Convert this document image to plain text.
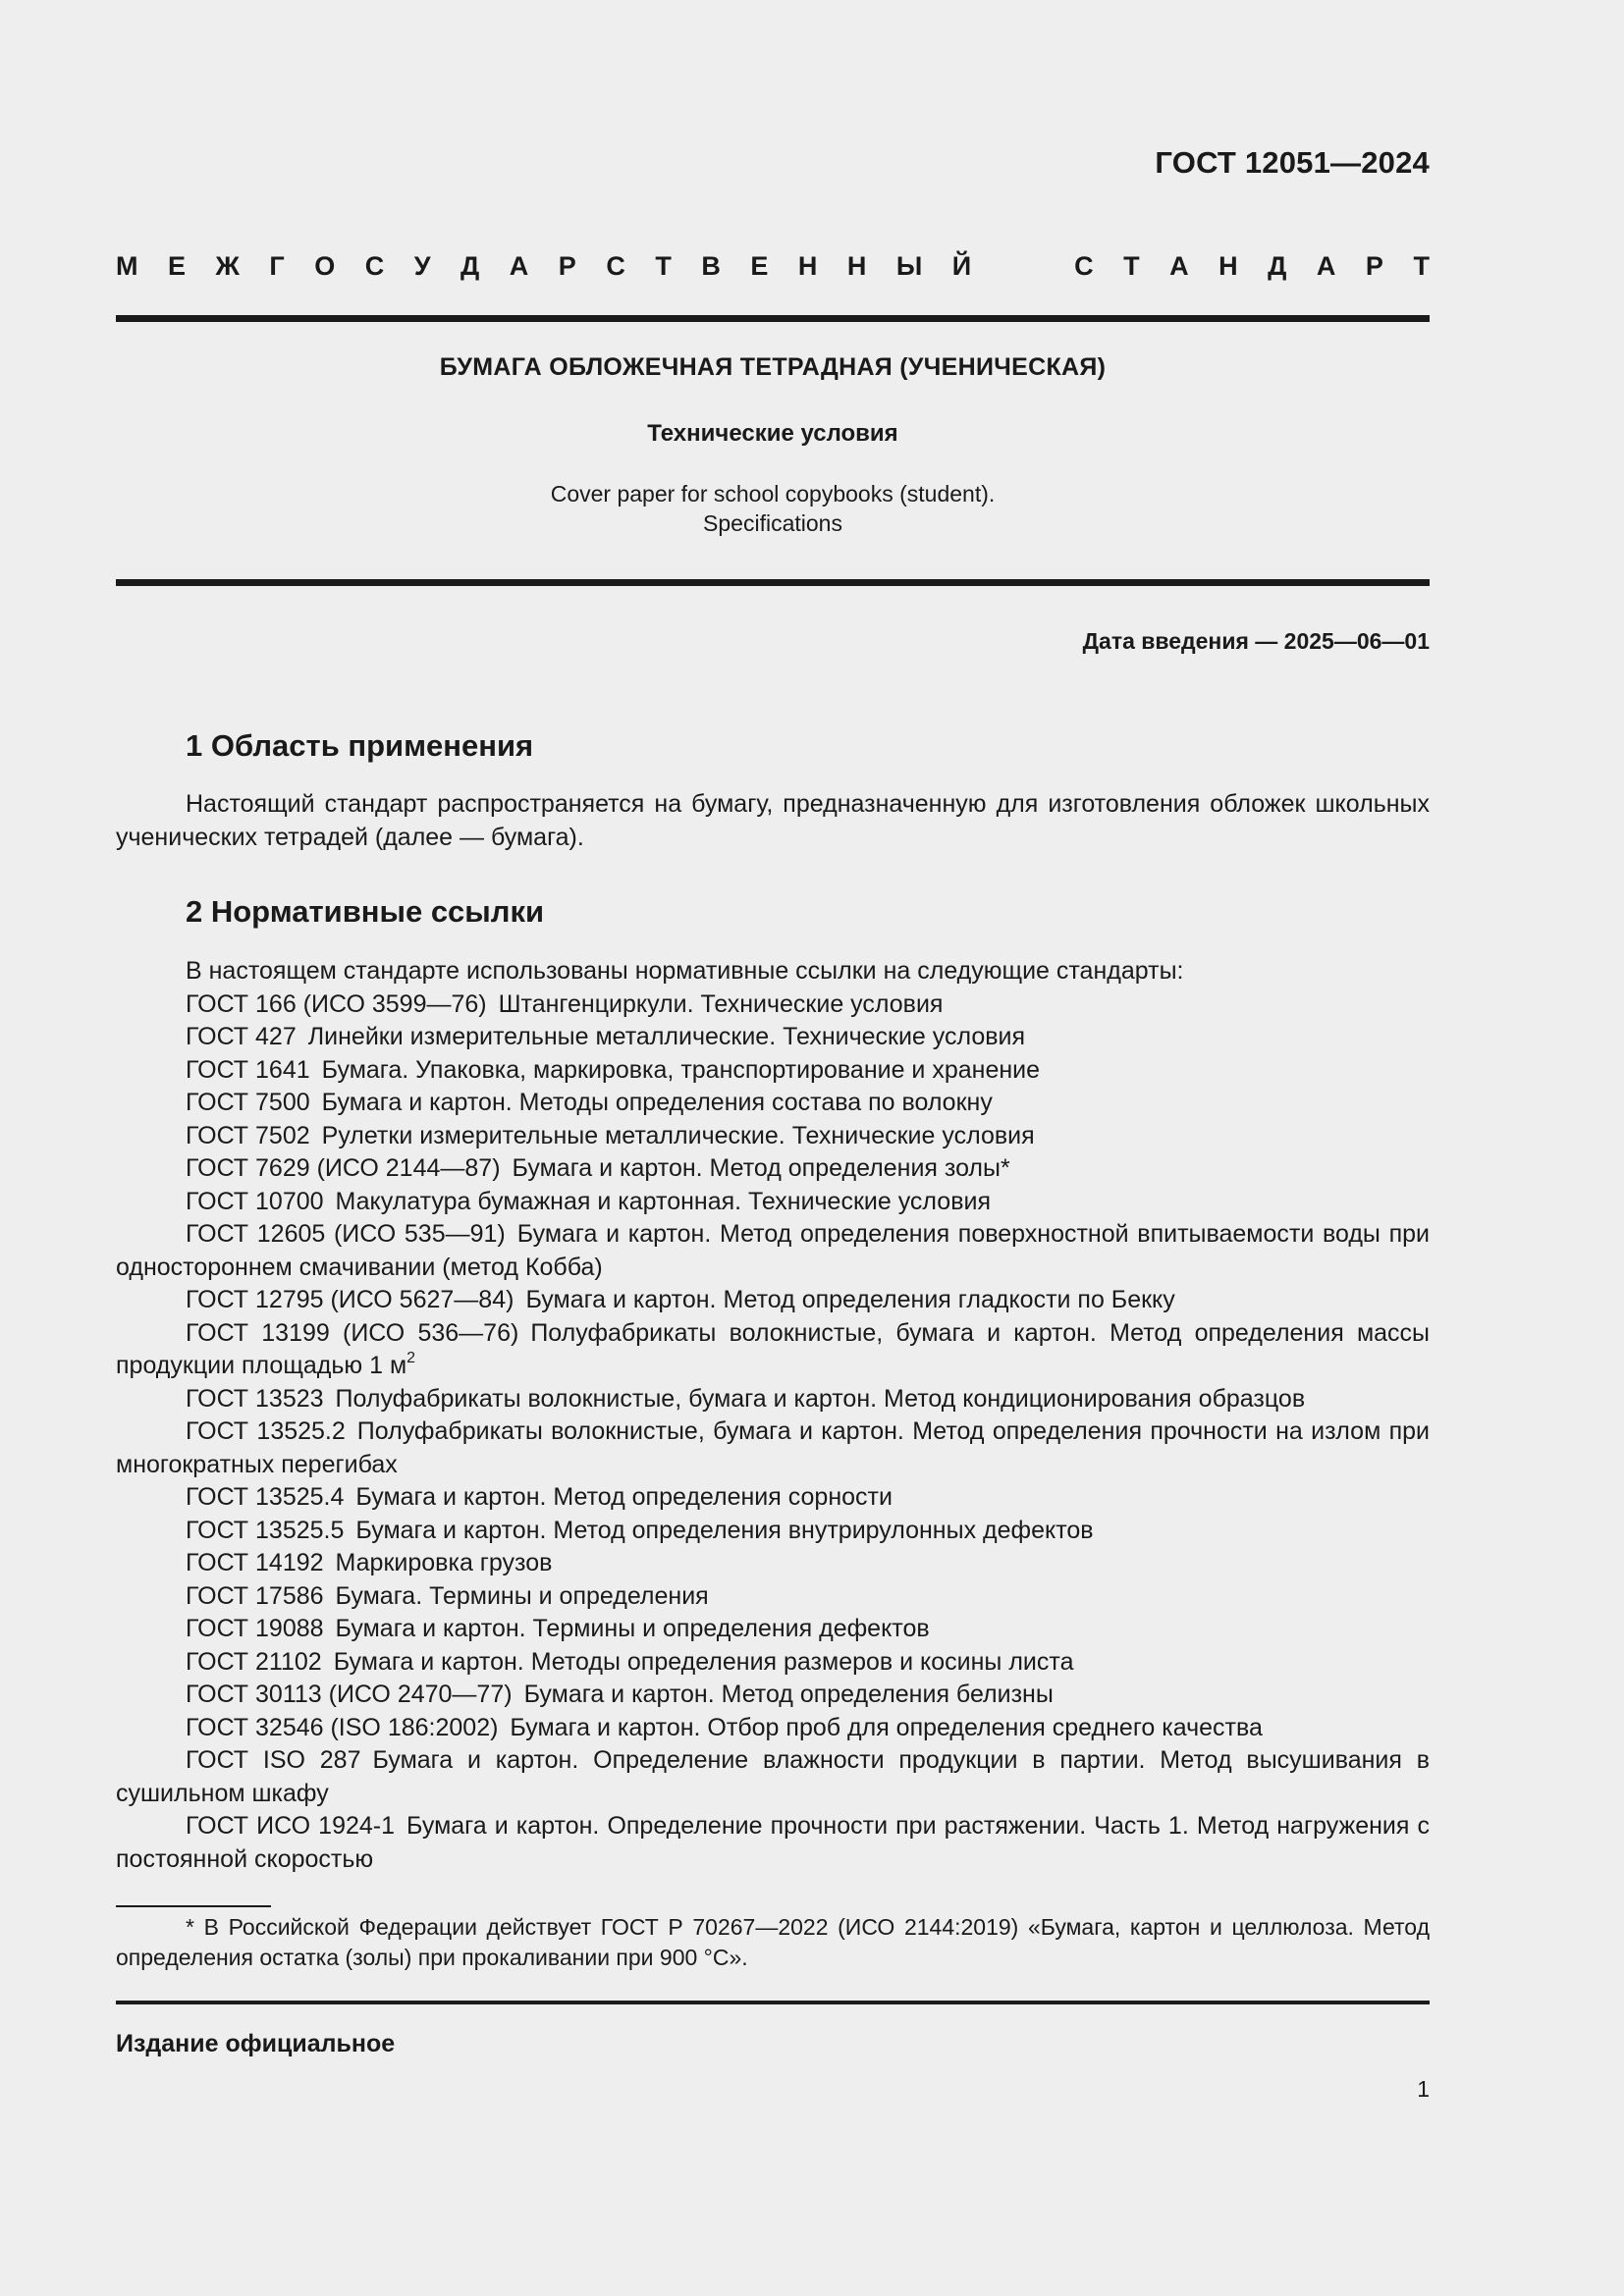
ГОСТ 12051—2024
М Е Ж Г О С У Д А Р С Т В Е Н Н Ы Й	С Т А Н Д А Р Т
БУМАГА ОБЛОЖЕЧНАЯ ТЕТРАДНАЯ (УЧЕНИЧЕСКАЯ)
Технические условия
Cover paper for school copybooks (student).
Specifications
Дата введения — 2025—06—01
1 Область применения

Настоящий стандарт распространяется на бумагу, предназначенную для изготовления обложек школьных ученических тетрадей (далее — бумага).

2 Нормативные ссылки

В настоящем стандарте использованы нормативные ссылки на следующие стандарты:

ГОСТ 166 (ИСО 3599—76) Штангенциркули. Технические условия

ГОСТ 427 Линейки измерительные металлические. Технические условия

ГОСТ 1641 Бумага. Упаковка, маркировка, транспортирование и хранение

ГОСТ 7500 Бумага и картон. Методы определения состава по волокну

ГОСТ 7502 Рулетки измерительные металлические. Технические условия

ГОСТ 7629 (ИСО 2144—87) Бумага и картон. Метод определения золы*

ГОСТ 10700 Макулатура бумажная и картонная. Технические условия

ГОСТ 12605 (ИСО 535—91) Бумага и картон. Метод определения поверхностной впитываемости воды при одностороннем смачивании (метод Кобба)

ГОСТ 12795 (ИСО 5627—84) Бумага и картон. Метод определения гладкости по Бекку

ГОСТ 13199 (ИСО 536—76) Полуфабрикаты волокнистые, бумага и картон. Метод определения массы продукции площадью 1 $м^2$

ГОСТ 13523 Полуфабрикаты волокнистые, бумага и картон. Метод кондиционирования образцов

ГОСТ 13525.2 Полуфабрикаты волокнистые, бумага и картон. Метод определения прочности на излом при многократных перегибах

ГОСТ 13525.4 Бумага и картон. Метод определения сорности

ГОСТ 13525.5 Бумага и картон. Метод определения внутрирулонных дефектов

ГОСТ 14192 Маркировка грузов

ГОСТ 17586 Бумага. Термины и определения

ГОСТ 19088 Бумага и картон. Термины и определения дефектов

ГОСТ 21102 Бумага и картон. Методы определения размеров и косины листа

ГОСТ 30113 (ИСО 2470—77) Бумага и картон. Метод определения белизны

ГОСТ 32546 (ISO 186:2002) Бумага и картон. Отбор проб для определения среднего качества

ГОСТ ISO 287 Бумага и картон. Определение влажности продукции в партии. Метод высушивания в сушильном шкафу

ГОСТ ИСО 1924-1 Бумага и картон. Определение прочности при растяжении. Часть 1. Метод нагружения с постоянной скоростью

* В Российской Федерации действует ГОСТ Р 70267—2022 (ИСО 2144:2019) «Бумага, картон и целлюлоза. Метод определения остатка (золы) при прокаливании при 900 °С».

Издание официальное
1
